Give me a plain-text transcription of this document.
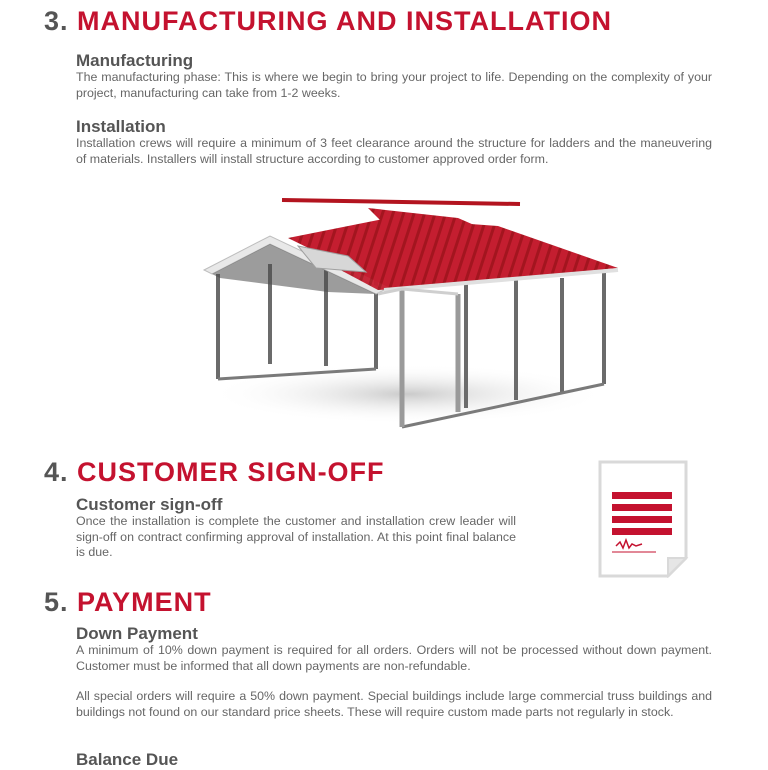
3. MANUFACTURING AND INSTALLATION
Manufacturing

The manufacturing phase: This is where we begin to bring your project to life. Depending on the complexity of your project, manufacturing can take from 1-2 weeks.

Installation

Installation crews will require a minimum of 3 feet clearance around the structure for ladders and the maneuvering of materials. Installers will install structure according to customer approved order form.

4. CUSTOMER SIGN-OFF
Customer sign-off

Once the installation is complete the customer and installation crew leader will sign-off on contract confirming approval of installation. At this point final balance is due.

5. PAYMENT
Down Payment

A minimum of 10% down payment is required for all orders. Orders will not be processed without down payment. Customer must be informed that all down payments are non-refundable.

All special orders will require a 50% down payment. Special buildings include large commercial truss buildings and buildings not found on our standard price sheets. These will require custom made parts not regularly in stock.

Balance Due
